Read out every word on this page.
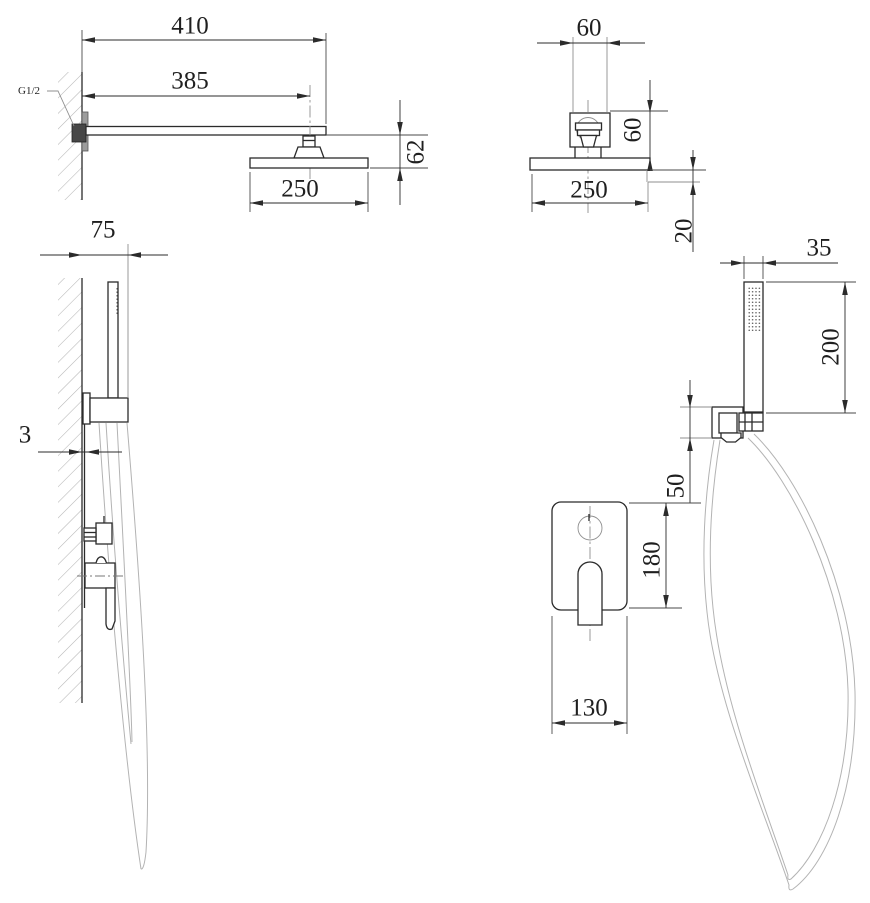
G1/2
410
385
62
250
60
60
20
250
75
3
35
200
50
180
130
